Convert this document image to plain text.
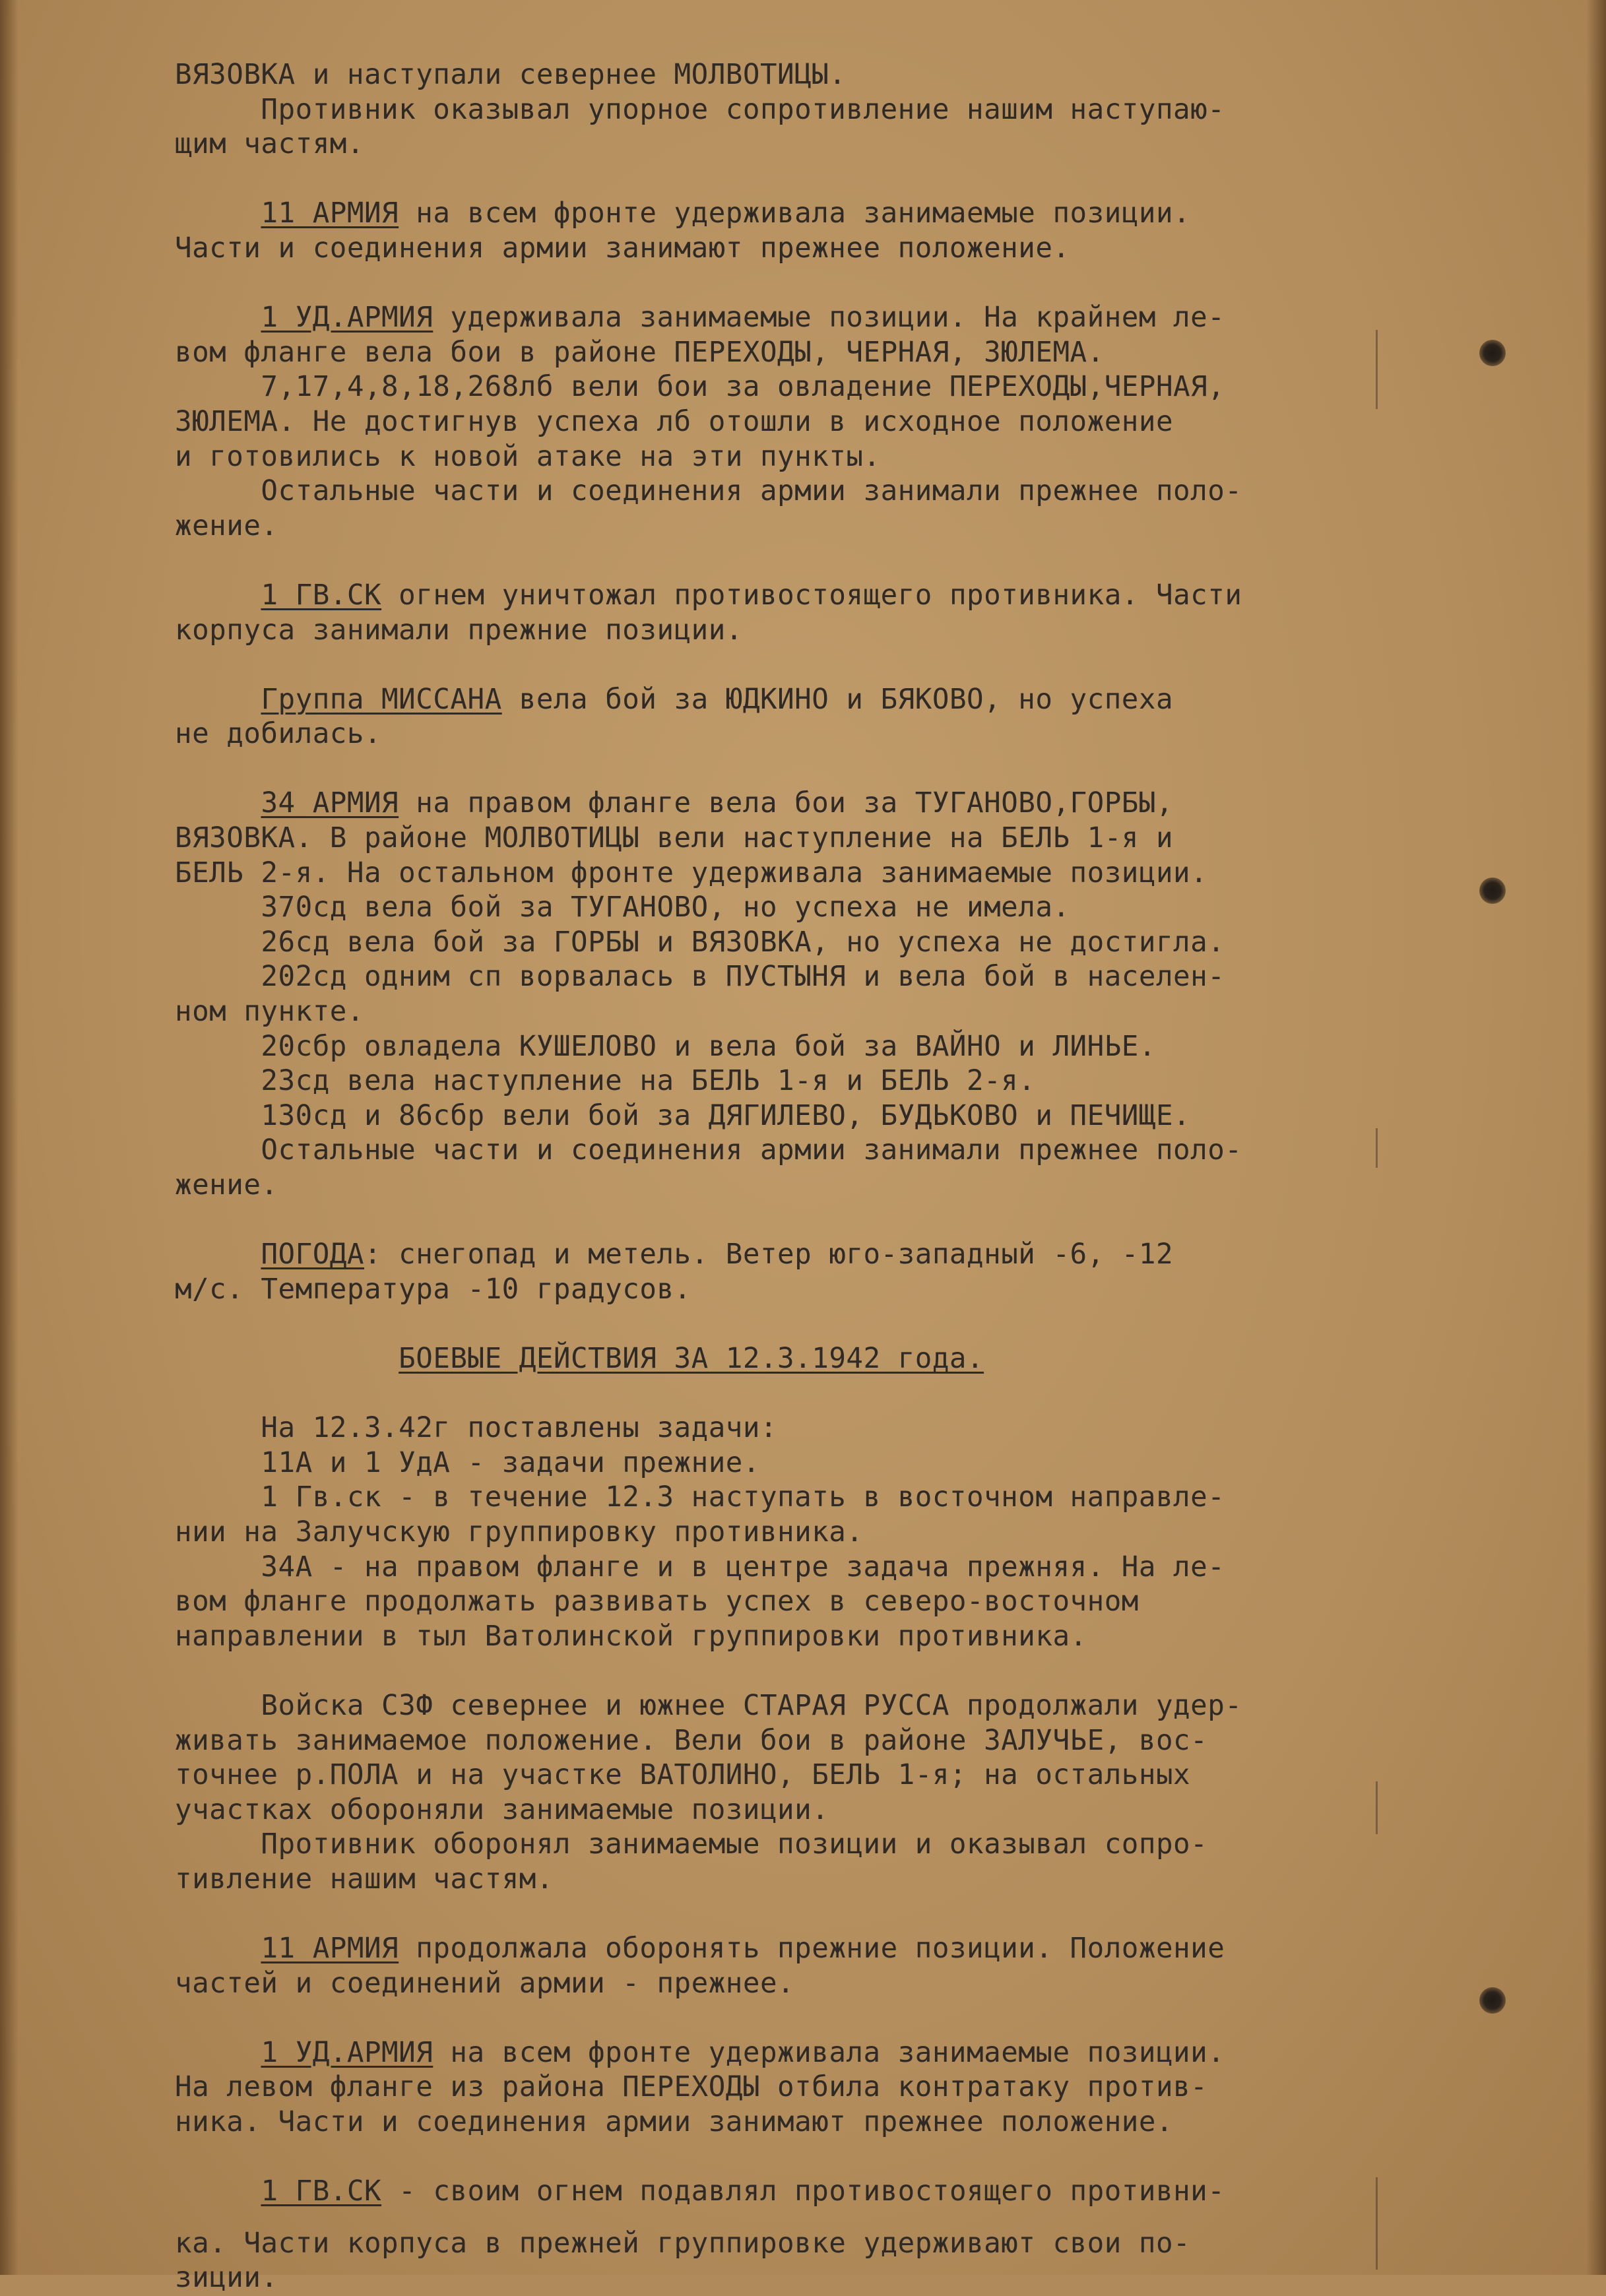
ВЯЗОВКА и наступали севернее МОЛВОТИЦЫ.
Противник оказывал упорное сопротивление нашим наступаю-
щим частям.
11 АРМИЯ на всем фронте удерживала занимаемые позиции.
Части и соединения армии занимают прежнее положение.
1 УД.АРМИЯ удерживала занимаемые позиции. На крайнем ле-
вом фланге вела бои в районе ПЕРЕХОДЫ, ЧЕРНАЯ, ЗЮЛЕМА.
7,17,4,8,18,268лб вели бои за овладение ПЕРЕХОДЫ,ЧЕРНАЯ,
ЗЮЛЕМА. Не достигнув успеха лб отошли в исходное положение
и готовились к новой атаке на эти пункты.
Остальные части и соединения армии занимали прежнее поло-
жение.
1 ГВ.СК огнем уничтожал противостоящего противника. Части
корпуса занимали прежние позиции.
Группа МИССАНА вела бой за ЮДКИНО и БЯКОВО, но успеха
не добилась.
34 АРМИЯ на правом фланге вела бои за ТУГАНОВО,ГОРБЫ,
ВЯЗОВКА. В районе МОЛВОТИЦЫ вели наступление на БЕЛЬ 1-я и
БЕЛЬ 2-я. На остальном фронте удерживала занимаемые позиции.
370сд вела бой за ТУГАНОВО, но успеха не имела.
26сд вела бой за ГОРБЫ и ВЯЗОВКА, но успеха не достигла.
202сд одним сп ворвалась в ПУСТЫНЯ и вела бой в населен-
ном пункте.
20сбр овладела КУШЕЛОВО и вела бой за ВАЙНО и ЛИНЬЕ.
23сд вела наступление на БЕЛЬ 1-я и БЕЛЬ 2-я.
130сд и 86сбр вели бой за ДЯГИЛЕВО, БУДЬКОВО и ПЕЧИЩЕ.
Остальные части и соединения армии занимали прежнее поло-
жение.
ПОГОДА: снегопад и метель. Ветер юго-западный -6, -12
м/с. Температура -10 градусов.
БОЕВЫЕ ДЕЙСТВИЯ ЗА 12.3.1942 года.
На 12.3.42г поставлены задачи:
11А и 1 УдА - задачи прежние.
1 Гв.ск - в течение 12.3 наступать в восточном направле-
нии на Залучскую группировку противника.
34А - на правом фланге и в центре задача прежняя. На ле-
вом фланге продолжать развивать успех в северо-восточном
направлении в тыл Ватолинской группировки противника.
Войска СЗФ севернее и южнее СТАРАЯ РУССА продолжали удер-
живать занимаемое положение. Вели бои в районе ЗАЛУЧЬЕ, вос-
точнее р.ПОЛА и на участке ВАТОЛИНО, БЕЛЬ 1-я; на остальных
участках обороняли занимаемые позиции.
Противник оборонял занимаемые позиции и оказывал сопро-
тивление нашим частям.
11 АРМИЯ продолжала оборонять прежние позиции. Положение
частей и соединений армии - прежнее.
1 УД.АРМИЯ на всем фронте удерживала занимаемые позиции.
На левом фланге из района ПЕРЕХОДЫ отбила контратаку против-
ника. Части и соединения армии занимают прежнее положение.
1 ГВ.СК - своим огнем подавлял противостоящего противни-
ка. Части корпуса в прежней группировке удерживают свои по-
зиции.
